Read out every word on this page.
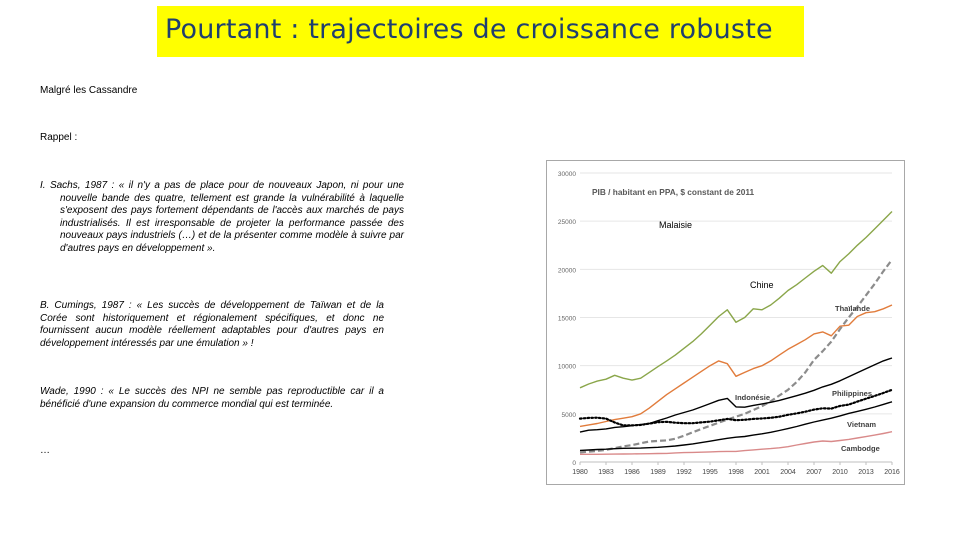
Pourtant : trajectoires de croissance robuste
Malgré les Cassandre
Rappel :
I. Sachs, 1987 : « il n'y a pas de place pour de nouveaux Japon, ni pour une nouvelle bande des quatre, tellement est grande la vulnérabilité à laquelle s'exposent des pays fortement dépendants de l'accès aux marchés de pays industrialisés. Il est irresponsable de projeter la performance passée des nouveaux pays industriels (…) et de la présenter comme modèle à suivre par d'autres pays en développement ».
B. Cumings, 1987 : « Les succès de développement de Taïwan et de la Corée sont historiquement et régionalement spécifiques, et donc ne fournissent aucun modèle réellement adaptables pour d'autres pays en développement intéressés par une émulation » !
Wade, 1990 : « Le succès des NPI ne semble pas reproductible car il a bénéficié d'une expansion du commerce mondial qui est terminée.
…
0
5000
10000
15000
20000
25000
30000
1980 1983 1986 1989 1992 1995 1998 2001 2004 2007 2010 2013 2016
PIB / habitant en PPA, $ constant de 2011
Thaïlande
Philippines
Indonésie
Vietnam
Cambodge
Malaisie
Chine
